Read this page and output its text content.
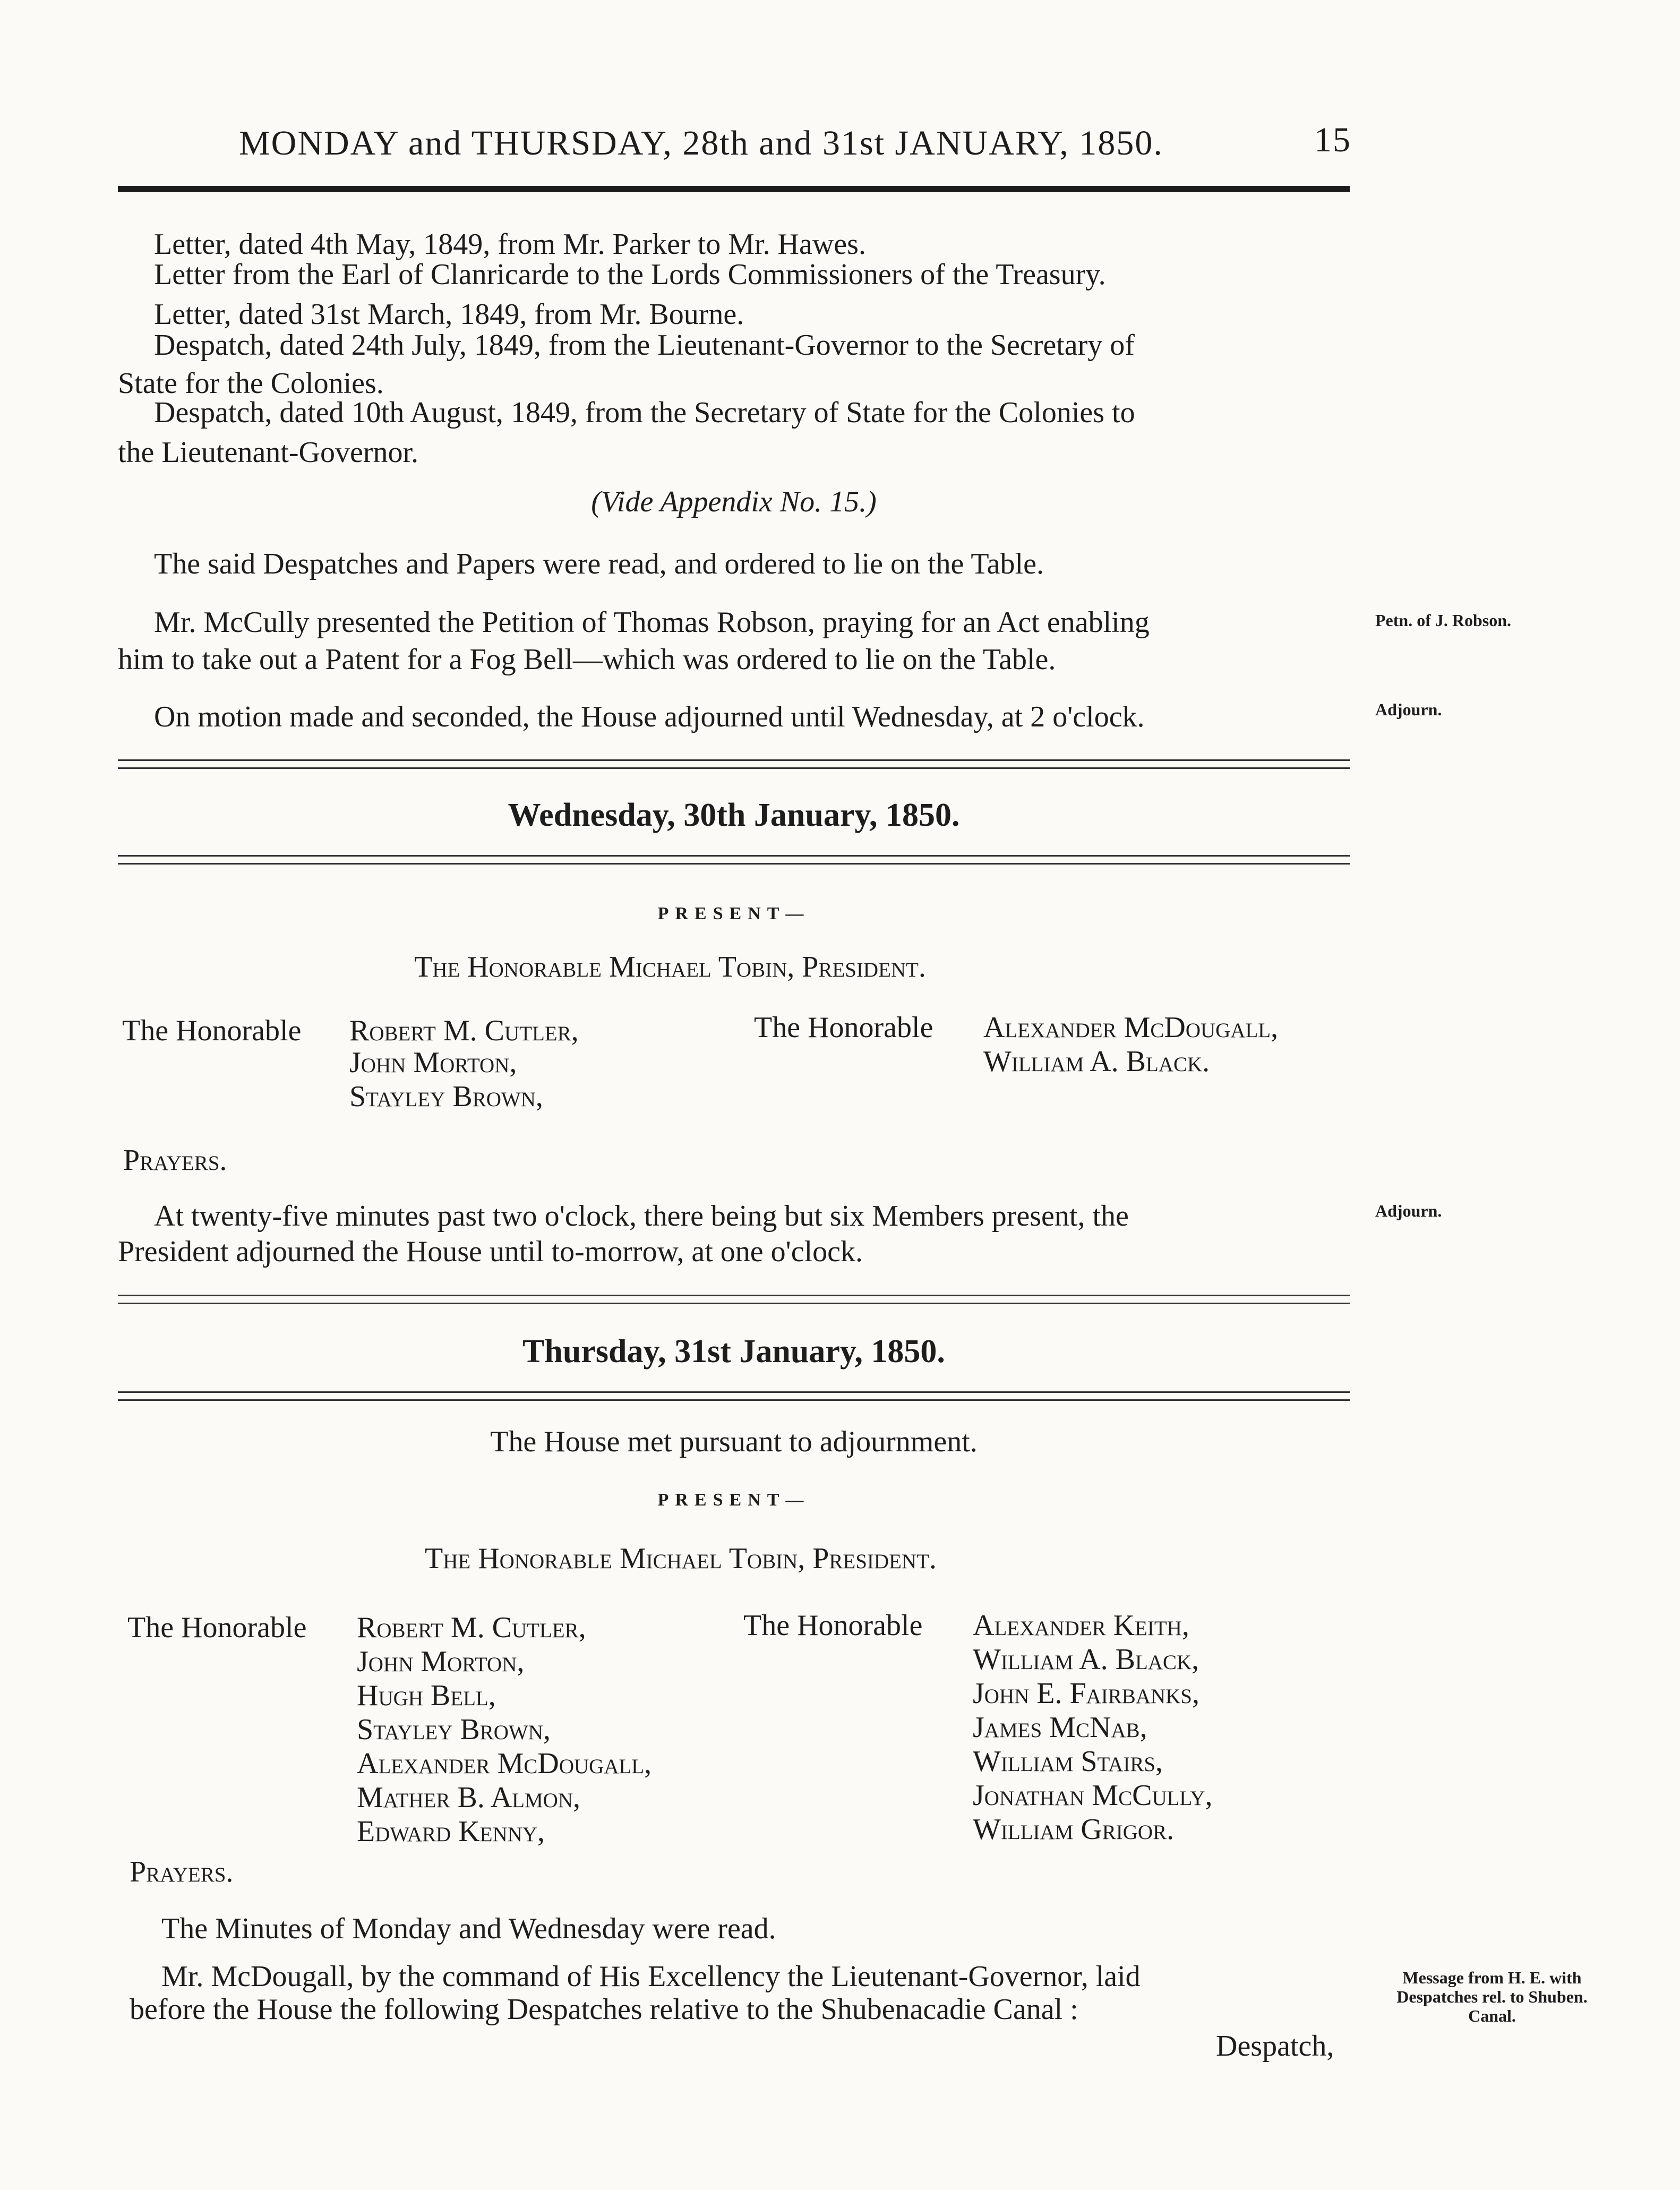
MONDAY and THURSDAY, 28th and 31st JANUARY, 1850.	15
Letter, dated 4th May, 1849, from Mr. Parker to Mr. Hawes.
Letter from the Earl of Clanricarde to the Lords Commissioners of the Treasury.
Letter, dated 31st March, 1849, from Mr. Bourne.
Despatch, dated 24th July, 1849, from the Lieutenant-Governor to the Secretary of
State for the Colonies.
Despatch, dated 10th August, 1849, from the Secretary of State for the Colonies to
the Lieutenant-Governor.
(Vide Appendix No. 15.)
The said Despatches and Papers were read, and ordered to lie on the Table.
Mr. McCully presented the Petition of Thomas Robson, praying for an Act enabling
him to take out a Patent for a Fog Bell—which was ordered to lie on the Table.
Petn. of J. Robson.
On motion made and seconded, the House adjourned until Wednesday, at 2 o'clock.	Adjourn.
Wednesday, 30th January, 1850.
PRESENT—
The Honorable Michael Tobin, President.
The Honorable Robert M. Cutler,
John Morton,
Stayley Brown,
The Honorable Alexander McDougall,
William A. Black.
Prayers.
At twenty-five minutes past two o'clock, there being but six Members present, the
President adjourned the House until to-morrow, at one o'clock.
Adjourn.
Thursday, 31st January, 1850.
The House met pursuant to adjournment.
PRESENT—
The Honorable Michael Tobin, President.
The Honorable Robert M. Cutler,
John Morton,
Hugh Bell,
Stayley Brown,
Alexander McDougall,
Mather B. Almon,
Edward Kenny,
The Honorable Alexander Keith,
William A. Black,
John E. Fairbanks,
James McNab,
William Stairs,
Jonathan McCully,
William Grigor.
Prayers.
The Minutes of Monday and Wednesday were read.
Mr. McDougall, by the command of His Excellency the Lieutenant-Governor, laid
before the House the following Despatches relative to the Shubenacadie Canal :
Despatch,
Message from H. E. with Despatches rel. to Shuben. Canal.
